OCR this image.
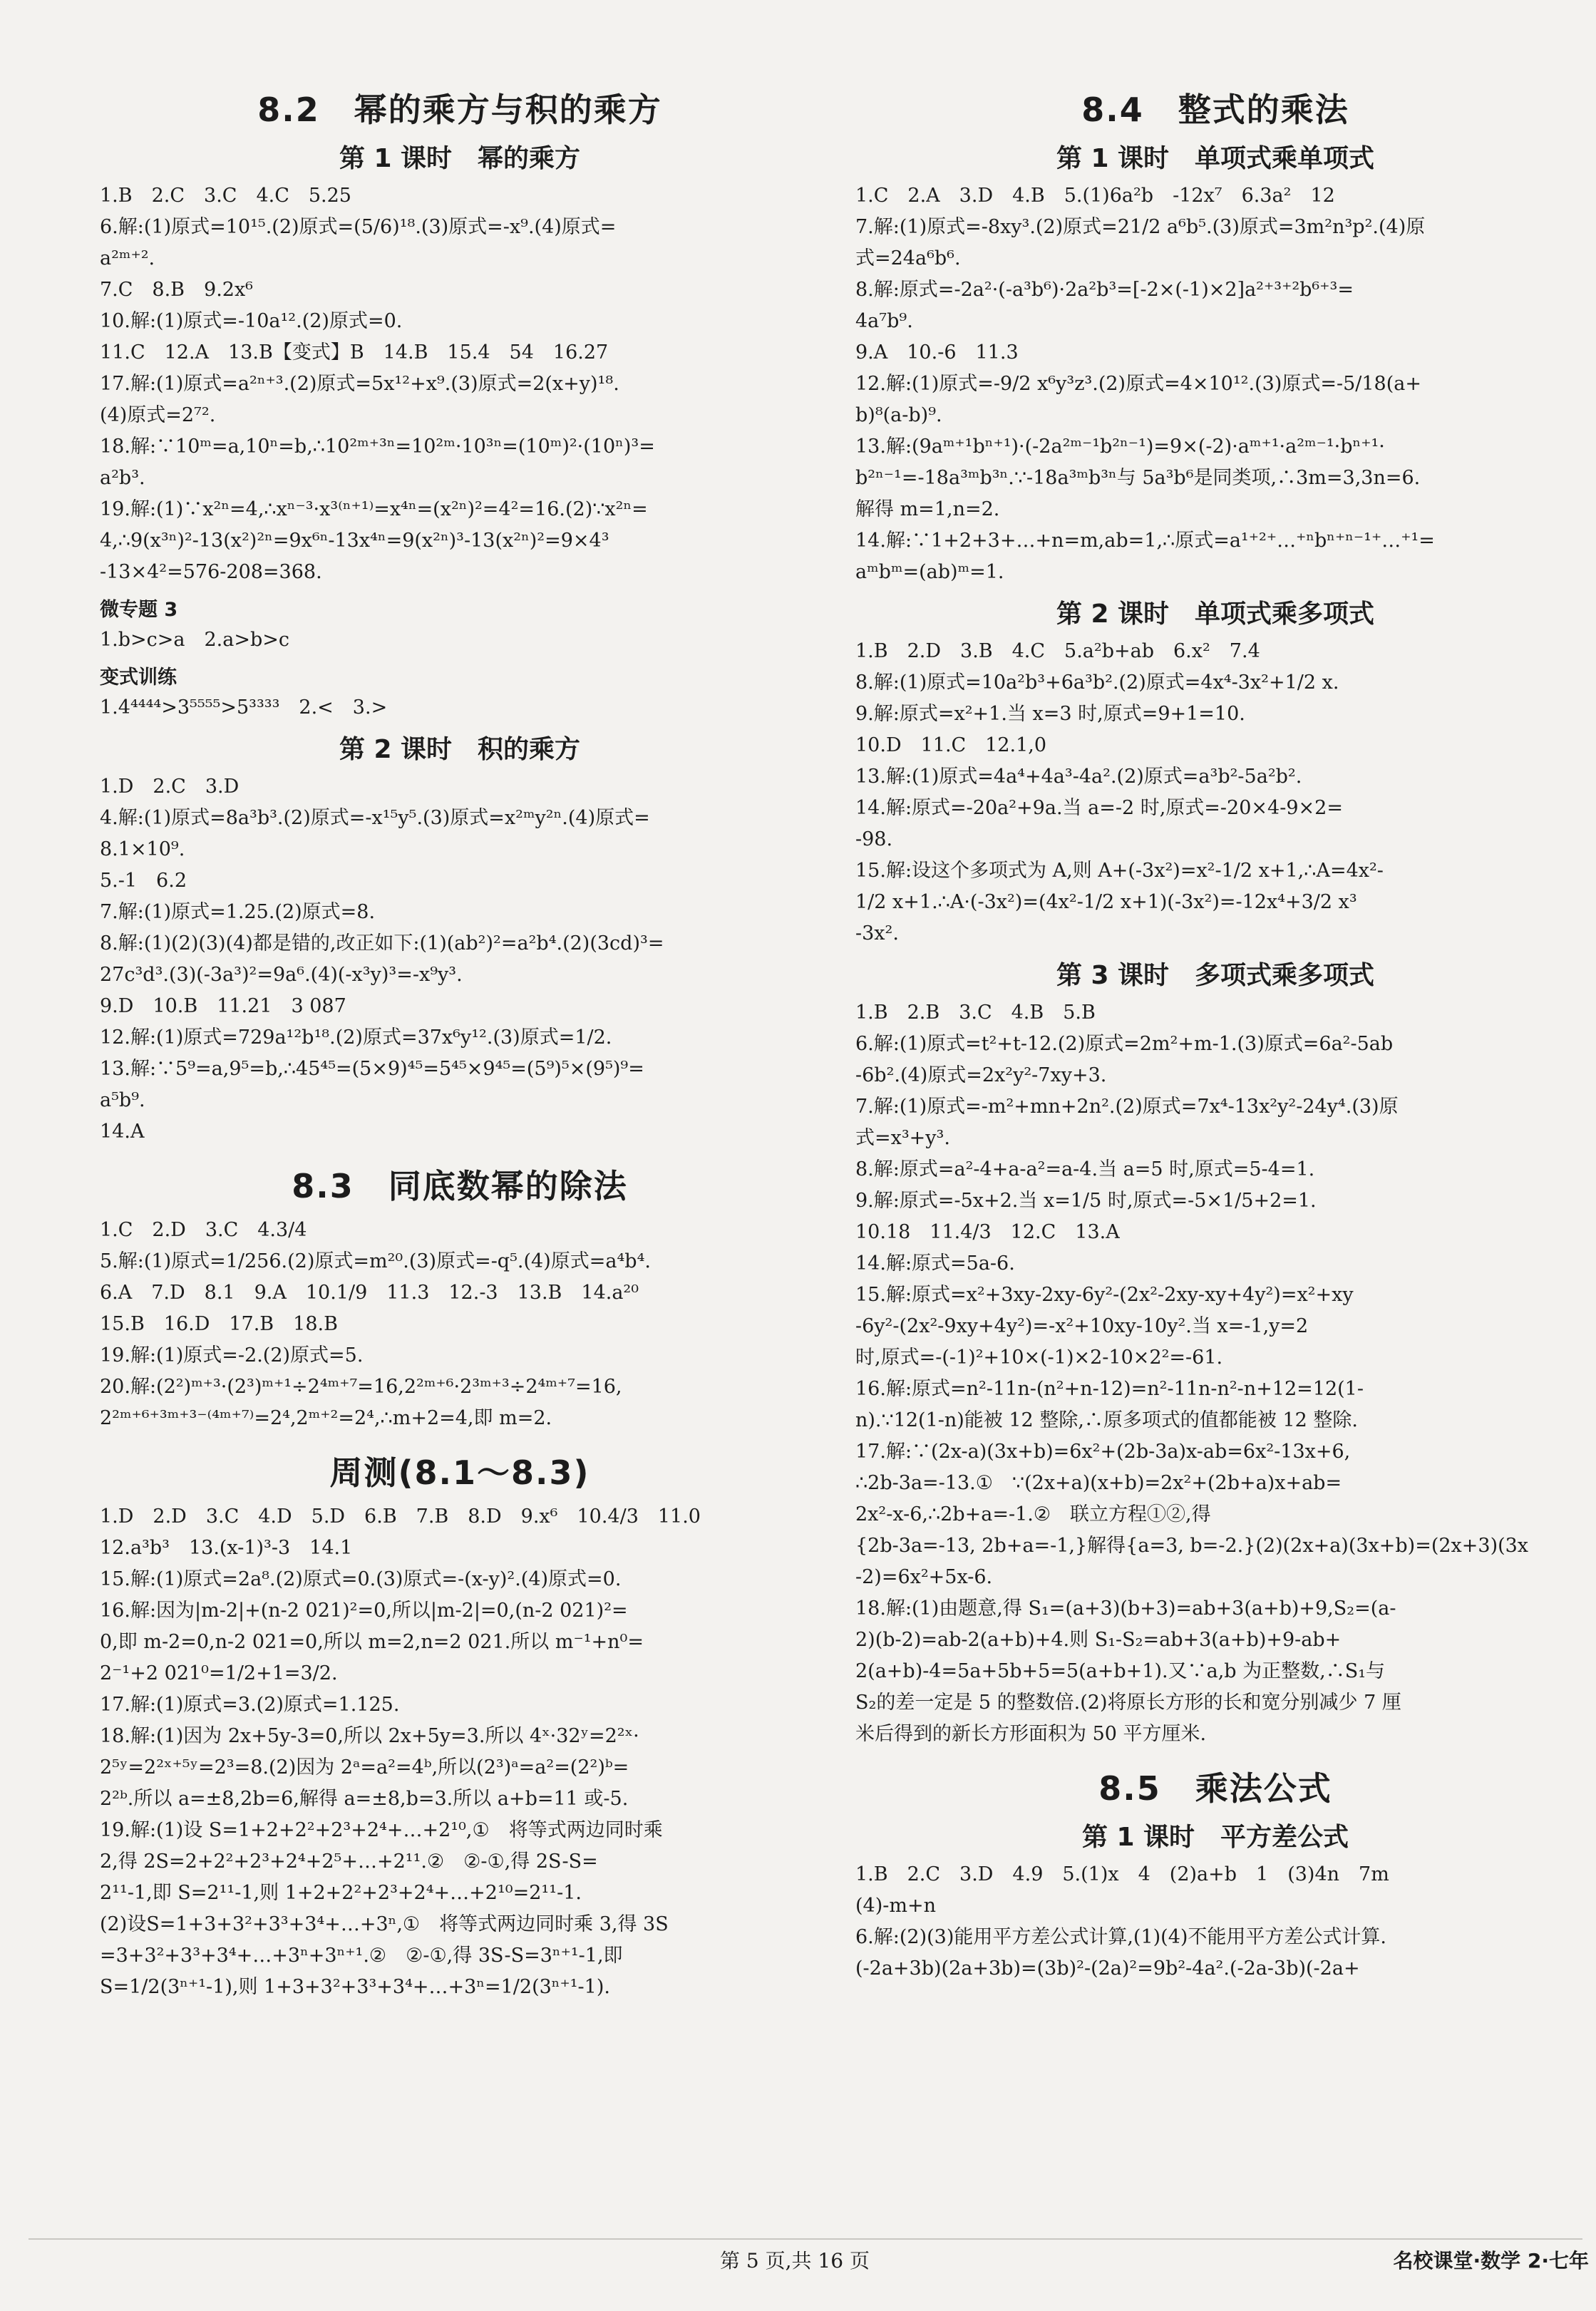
8.2　幂的乘方与积的乘方
第 1 课时　幂的乘方
1.B　2.C　3.C　4.C　5.25
6.解:(1)原式=10¹⁵.(2)原式=(5/6)¹⁸.(3)原式=-x⁹.(4)原式=
a²ᵐ⁺².
7.C　8.B　9.2x⁶
10.解:(1)原式=-10a¹².(2)原式=0.
11.C　12.A　13.B【变式】B　14.B　15.4　54　16.27
17.解:(1)原式=a²ⁿ⁺³.(2)原式=5x¹²+x⁹.(3)原式=2(x+y)¹⁸.
(4)原式=2⁷².
18.解:∵10ᵐ=a,10ⁿ=b,∴10²ᵐ⁺³ⁿ=10²ᵐ·10³ⁿ=(10ᵐ)²·(10ⁿ)³=
a²b³.
19.解:(1)∵x²ⁿ=4,∴xⁿ⁻³·x³⁽ⁿ⁺¹⁾=x⁴ⁿ=(x²ⁿ)²=4²=16.(2)∵x²ⁿ=
4,∴9(x³ⁿ)²-13(x²)²ⁿ=9x⁶ⁿ-13x⁴ⁿ=9(x²ⁿ)³-13(x²ⁿ)²=9×4³
-13×4²=576-208=368.
微专题 3
1.b>c>a　2.a>b>c
变式训练
1.4⁴⁴⁴⁴>3⁵⁵⁵⁵>5³³³³　2.<　3.>
第 2 课时　积的乘方
1.D　2.C　3.D
4.解:(1)原式=8a³b³.(2)原式=-x¹⁵y⁵.(3)原式=x²ᵐy²ⁿ.(4)原式=
8.1×10⁹.
5.-1　6.2
7.解:(1)原式=1.25.(2)原式=8.
8.解:(1)(2)(3)(4)都是错的,改正如下:(1)(ab²)²=a²b⁴.(2)(3cd)³=
27c³d³.(3)(-3a³)²=9a⁶.(4)(-x³y)³=-x⁹y³.
9.D　10.B　11.21　3 087
12.解:(1)原式=729a¹²b¹⁸.(2)原式=37x⁶y¹².(3)原式=1/2.
13.解:∵5⁹=a,9⁵=b,∴45⁴⁵=(5×9)⁴⁵=5⁴⁵×9⁴⁵=(5⁹)⁵×(9⁵)⁹=
a⁵b⁹.
14.A
8.3　同底数幂的除法
1.C　2.D　3.C　4.3/4
5.解:(1)原式=1/256.(2)原式=m²⁰.(3)原式=-q⁵.(4)原式=a⁴b⁴.
6.A　7.D　8.1　9.A　10.1/9　11.3　12.-3　13.B　14.a²⁰
15.B　16.D　17.B　18.B
19.解:(1)原式=-2.(2)原式=5.
20.解:(2²)ᵐ⁺³·(2³)ᵐ⁺¹÷2⁴ᵐ⁺⁷=16,2²ᵐ⁺⁶·2³ᵐ⁺³÷2⁴ᵐ⁺⁷=16,
2²ᵐ⁺⁶⁺³ᵐ⁺³⁻⁽⁴ᵐ⁺⁷⁾=2⁴,2ᵐ⁺²=2⁴,∴m+2=4,即 m=2.
周测(8.1～8.3)
1.D　2.D　3.C　4.D　5.D　6.B　7.B　8.D　9.x⁶　10.4/3　11.0
12.a³b³　13.(x-1)³-3　14.1
15.解:(1)原式=2a⁸.(2)原式=0.(3)原式=-(x-y)².(4)原式=0.
16.解:因为|m-2|+(n-2 021)²=0,所以|m-2|=0,(n-2 021)²=
0,即 m-2=0,n-2 021=0,所以 m=2,n=2 021.所以 m⁻¹+n⁰=
2⁻¹+2 021⁰=1/2+1=3/2.
17.解:(1)原式=3.(2)原式=1.125.
18.解:(1)因为 2x+5y-3=0,所以 2x+5y=3.所以 4ˣ·32ʸ=2²ˣ·
2⁵ʸ=2²ˣ⁺⁵ʸ=2³=8.(2)因为 2ᵃ=a²=4ᵇ,所以(2³)ᵃ=a²=(2²)ᵇ=
2²ᵇ.所以 a=±8,2b=6,解得 a=±8,b=3.所以 a+b=11 或-5.
19.解:(1)设 S=1+2+2²+2³+2⁴+…+2¹⁰,①　将等式两边同时乘
2,得 2S=2+2²+2³+2⁴+2⁵+…+2¹¹.②　②-①,得 2S-S=
2¹¹-1,即 S=2¹¹-1,则 1+2+2²+2³+2⁴+…+2¹⁰=2¹¹-1.
(2)设S=1+3+3²+3³+3⁴+…+3ⁿ,①　将等式两边同时乘 3,得 3S
=3+3²+3³+3⁴+…+3ⁿ+3ⁿ⁺¹.②　②-①,得 3S-S=3ⁿ⁺¹-1,即
S=1/2(3ⁿ⁺¹-1),则 1+3+3²+3³+3⁴+…+3ⁿ=1/2(3ⁿ⁺¹-1).
8.4　整式的乘法
第 1 课时　单项式乘单项式
1.C　2.A　3.D　4.B　5.(1)6a²b　-12x⁷　6.3a²　12
7.解:(1)原式=-8xy³.(2)原式=21/2 a⁶b⁵.(3)原式=3m²n³p².(4)原
式=24a⁶b⁶.
8.解:原式=-2a²·(-a³b⁶)·2a²b³=[-2×(-1)×2]a²⁺³⁺²b⁶⁺³=
4a⁷b⁹.
9.A　10.-6　11.3
12.解:(1)原式=-9/2 x⁶y³z³.(2)原式=4×10¹².(3)原式=-5/18(a+
b)⁸(a-b)⁹.
13.解:(9aᵐ⁺¹bⁿ⁺¹)·(-2a²ᵐ⁻¹b²ⁿ⁻¹)=9×(-2)·aᵐ⁺¹·a²ᵐ⁻¹·bⁿ⁺¹·
b²ⁿ⁻¹=-18a³ᵐb³ⁿ.∵-18a³ᵐb³ⁿ与 5a³b⁶是同类项,∴3m=3,3n=6.
解得 m=1,n=2.
14.解:∵1+2+3+…+n=m,ab=1,∴原式=a¹⁺²⁺…⁺ⁿbⁿ⁺ⁿ⁻¹⁺…⁺¹=
aᵐbᵐ=(ab)ᵐ=1.
第 2 课时　单项式乘多项式
1.B　2.D　3.B　4.C　5.a²b+ab　6.x²　7.4
8.解:(1)原式=10a²b³+6a³b².(2)原式=4x⁴-3x²+1/2 x.
9.解:原式=x²+1.当 x=3 时,原式=9+1=10.
10.D　11.C　12.1,0
13.解:(1)原式=4a⁴+4a³-4a².(2)原式=a³b²-5a²b².
14.解:原式=-20a²+9a.当 a=-2 时,原式=-20×4-9×2=
-98.
15.解:设这个多项式为 A,则 A+(-3x²)=x²-1/2 x+1,∴A=4x²-
1/2 x+1.∴A·(-3x²)=(4x²-1/2 x+1)(-3x²)=-12x⁴+3/2 x³
-3x².
第 3 课时　多项式乘多项式
1.B　2.B　3.C　4.B　5.B
6.解:(1)原式=t²+t-12.(2)原式=2m²+m-1.(3)原式=6a²-5ab
-6b².(4)原式=2x²y²-7xy+3.
7.解:(1)原式=-m²+mn+2n².(2)原式=7x⁴-13x²y²-24y⁴.(3)原
式=x³+y³.
8.解:原式=a²-4+a-a²=a-4.当 a=5 时,原式=5-4=1.
9.解:原式=-5x+2.当 x=1/5 时,原式=-5×1/5+2=1.
10.18　11.4/3　12.C　13.A
14.解:原式=5a-6.
15.解:原式=x²+3xy-2xy-6y²-(2x²-2xy-xy+4y²)=x²+xy
-6y²-(2x²-9xy+4y²)=-x²+10xy-10y².当 x=-1,y=2
时,原式=-(-1)²+10×(-1)×2-10×2²=-61.
16.解:原式=n²-11n-(n²+n-12)=n²-11n-n²-n+12=12(1-
n).∵12(1-n)能被 12 整除,∴原多项式的值都能被 12 整除.
17.解:∵(2x-a)(3x+b)=6x²+(2b-3a)x-ab=6x²-13x+6,
∴2b-3a=-13.①　∵(2x+a)(x+b)=2x²+(2b+a)x+ab=
2x²-x-6,∴2b+a=-1.②　联立方程①②,得
{2b-3a=-13, 2b+a=-1,}解得{a=3, b=-2.}(2)(2x+a)(3x+b)=(2x+3)(3x
-2)=6x²+5x-6.
18.解:(1)由题意,得 S₁=(a+3)(b+3)=ab+3(a+b)+9,S₂=(a-
2)(b-2)=ab-2(a+b)+4.则 S₁-S₂=ab+3(a+b)+9-ab+
2(a+b)-4=5a+5b+5=5(a+b+1).又∵a,b 为正整数,∴S₁与
S₂的差一定是 5 的整数倍.(2)将原长方形的长和宽分别减少 7 厘
米后得到的新长方形面积为 50 平方厘米.
8.5　乘法公式
第 1 课时　平方差公式
1.B　2.C　3.D　4.9　5.(1)x　4　(2)a+b　1　(3)4n　7m
(4)-m+n
6.解:(2)(3)能用平方差公式计算,(1)(4)不能用平方差公式计算.
(-2a+3b)(2a+3b)=(3b)²-(2a)²=9b²-4a².(-2a-3b)(-2a+
第 5 页,共 16 页	名校课堂·数学 2·七年
